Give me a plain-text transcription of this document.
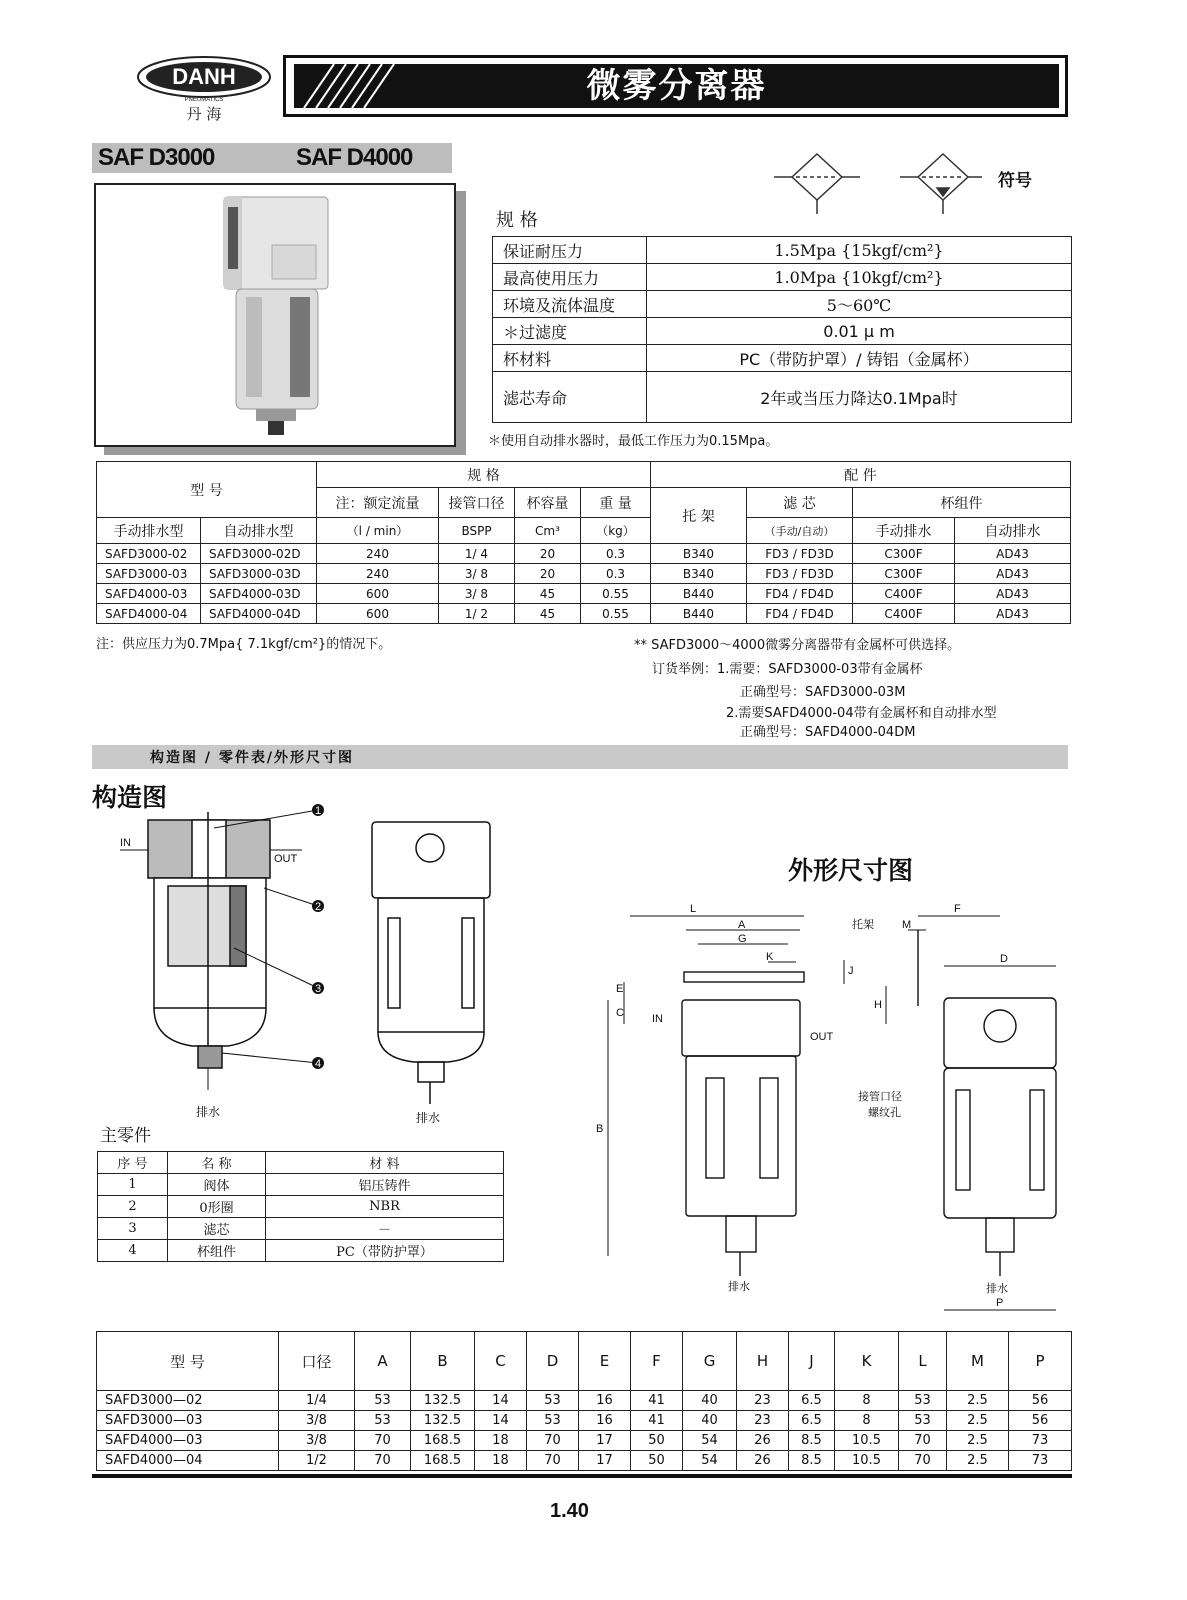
DANH
PNEUMATICS
丹 海
微雾分离器
SAF D3000	SAF D4000
符号
规 格
保证耐压力	1.5Mpa {15kgf/cm²}
最高使用压力	1.0Mpa {10kgf/cm²}
环境及流体温度	5～60℃
＊过滤度	0.01 μ m
杯材料	PC（带防护罩）/ 铸铝（金属杯）
滤芯寿命	2年或当压力降达0.1Mpa时
＊使用自动排水器时，最低工作压力为0.15Mpa。
型 号		规 格				配 件			
		注：额定流量	接管口径	杯容量	重 量	托 架	滤 芯	杯组件	
手动排水型	自动排水型	（l / min）	BSPP	Cm³	（kg）		（手动/自动）	手动排水	自动排水
SAFD3000-02	SAFD3000-02D	240	1/ 4	20	0.3	B340	FD3 / FD3D	C300F	AD43
SAFD3000-03	SAFD3000-03D	240	3/ 8	20	0.3	B340	FD3 / FD3D	C300F	AD43
SAFD4000-03	SAFD4000-03D	600	3/ 8	45	0.55	B440	FD4 / FD4D	C400F	AD43
SAFD4000-04	SAFD4000-04D	600	1/ 2	45	0.55	B440	FD4 / FD4D	C400F	AD43
注：供应压力为0.7Mpa{ 7.1kgf/cm²}的情况下。	** SAFD3000～4000微雾分离器带有金属杯可供选择。
订货举例：1.需要：SAFD3000-03带有金属杯
正确型号：SAFD3000-03M
2.需要SAFD4000-04带有金属杯和自动排水型
正确型号：SAFD4000-04DM
构造图 / 零件表/外形尺寸图
构造图
外形尺寸图
1
2
3
4
IN
OUT
排水	排水
L
A
G
K
J
E
C
B
M
F
D
H
P
IN
OUT
托架
接管口径
螺纹孔
排水	排水
主零件
序 号	名 称	材 料
1	阀体	铝压铸件
2	0形圈	NBR
3	滤芯	－
4	杯组件	PC（带防护罩）
型 号	口径	A	B	C	D	E	F	G	H	J	K	L	M	P
SAFD3000—02	1/4	53	132.5	14	53	16	41	40	23	6.5	8	53	2.5	56
SAFD3000—03	3/8	53	132.5	14	53	16	41	40	23	6.5	8	53	2.5	56
SAFD4000—03	3/8	70	168.5	18	70	17	50	54	26	8.5	10.5	70	2.5	73
SAFD4000—04	1/2	70	168.5	18	70	17	50	54	26	8.5	10.5	70	2.5	73
1.40
